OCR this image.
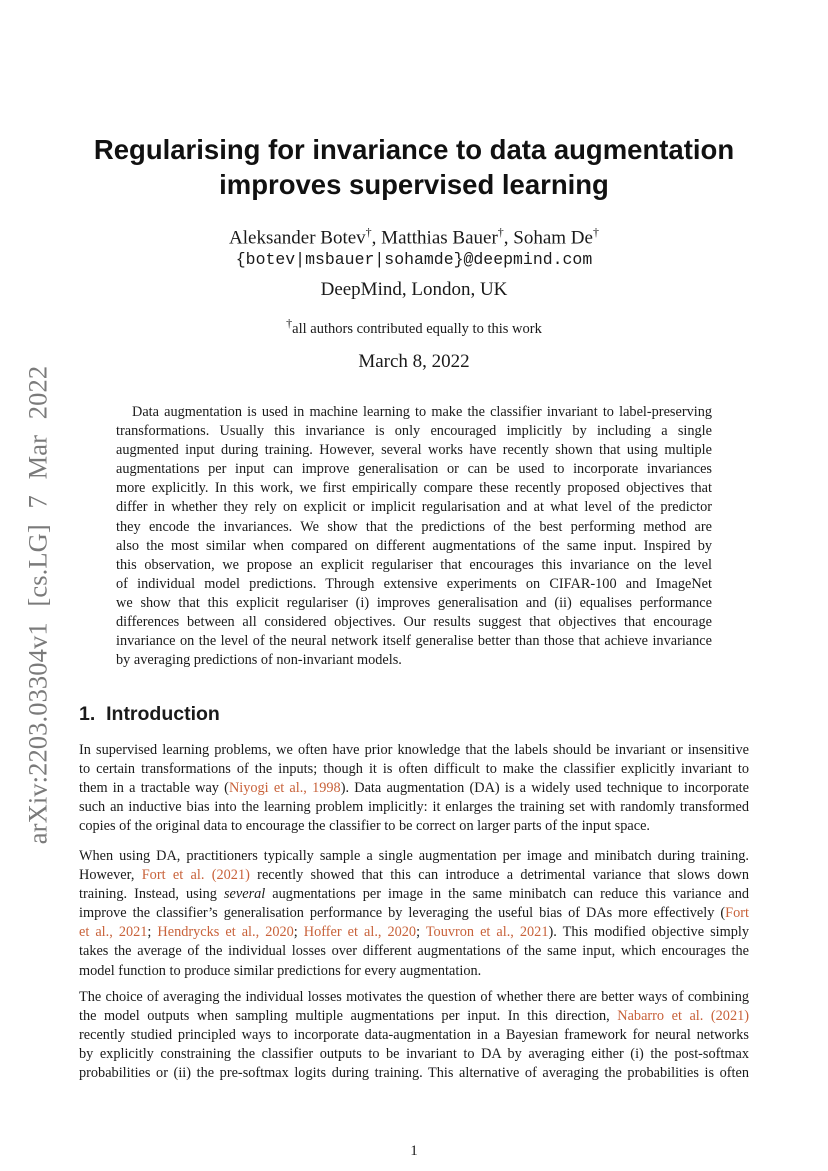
arXiv:2203.03304v1 [cs.LG] 7 Mar 2022
Regularising for invariance to data augmentation
improves supervised learning
Aleksander Botev†, Matthias Bauer†, Soham De†
{botev|msbauer|sohamde}@deepmind.com
DeepMind, London, UK
†all authors contributed equally to this work
March 8, 2022
Data augmentation is used in machine learning to make the classifier invariant to label-preserving
transformations. Usually this invariance is only encouraged implicitly by including a single
augmented input during training. However, several works have recently shown that using multiple
augmentations per input can improve generalisation or can be used to incorporate invariances
more explicitly. In this work, we first empirically compare these recently proposed objectives that
differ in whether they rely on explicit or implicit regularisation and at what level of the predictor
they encode the invariances. We show that the predictions of the best performing method are
also the most similar when compared on different augmentations of the same input. Inspired by
this observation, we propose an explicit regulariser that encourages this invariance on the level
of individual model predictions. Through extensive experiments on CIFAR-100 and ImageNet
we show that this explicit regulariser (i) improves generalisation and (ii) equalises performance
differences between all considered objectives. Our results suggest that objectives that encourage
invariance on the level of the neural network itself generalise better than those that achieve invariance
by averaging predictions of non-invariant models.
1. Introduction
In supervised learning problems, we often have prior knowledge that the labels should be invariant or insensitive
to certain transformations of the inputs; though it is often difficult to make the classifier explicitly invariant to
them in a tractable way (Niyogi et al., 1998). Data augmentation (DA) is a widely used technique to incorporate
such an inductive bias into the learning problem implicitly: it enlarges the training set with randomly transformed
copies of the original data to encourage the classifier to be correct on larger parts of the input space.
When using DA, practitioners typically sample a single augmentation per image and minibatch during training.
However, Fort et al. (2021) recently showed that this can introduce a detrimental variance that slows down
training. Instead, using several augmentations per image in the same minibatch can reduce this variance and
improve the classifier’s generalisation performance by leveraging the useful bias of DAs more effectively (Fort
et al., 2021; Hendrycks et al., 2020; Hoffer et al., 2020; Touvron et al., 2021). This modified objective simply
takes the average of the individual losses over different augmentations of the same input, which encourages the
model function to produce similar predictions for every augmentation.
The choice of averaging the individual losses motivates the question of whether there are better ways of combining
the model outputs when sampling multiple augmentations per input. In this direction, Nabarro et al. (2021)
recently studied principled ways to incorporate data-augmentation in a Bayesian framework for neural networks
by explicitly constraining the classifier outputs to be invariant to DA by averaging either (i) the post-softmax
probabilities or (ii) the pre-softmax logits during training. This alternative of averaging the probabilities is often
1
